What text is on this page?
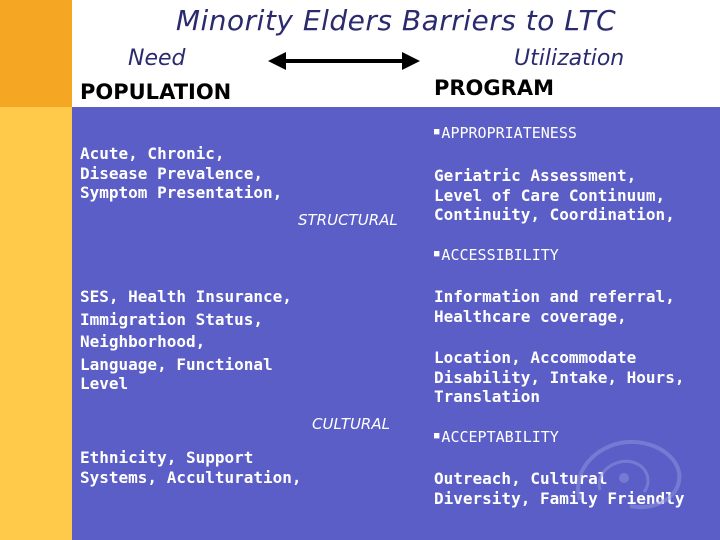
Minority Elders Barriers to LTC
Need	Utilization
POPULATION	PROGRAM
Acute, Chronic,
Disease Prevalence,
Symptom Presentation,
STRUCTURAL
SES, Health Insurance,
Immigration Status,
Neighborhood,
Language, Functional
Level
CULTURAL
Ethnicity, Support
Systems, Acculturation,
■ APPROPRIATENESS
Geriatric Assessment,
Level of Care Continuum,
Continuity, Coordination,
■ ACCESSIBILITY
Information and referral,
Healthcare coverage,
Location, Accommodate
Disability, Intake, Hours,
Translation
■ ACCEPTABILITY
Outreach, Cultural
Diversity, Family Friendly
